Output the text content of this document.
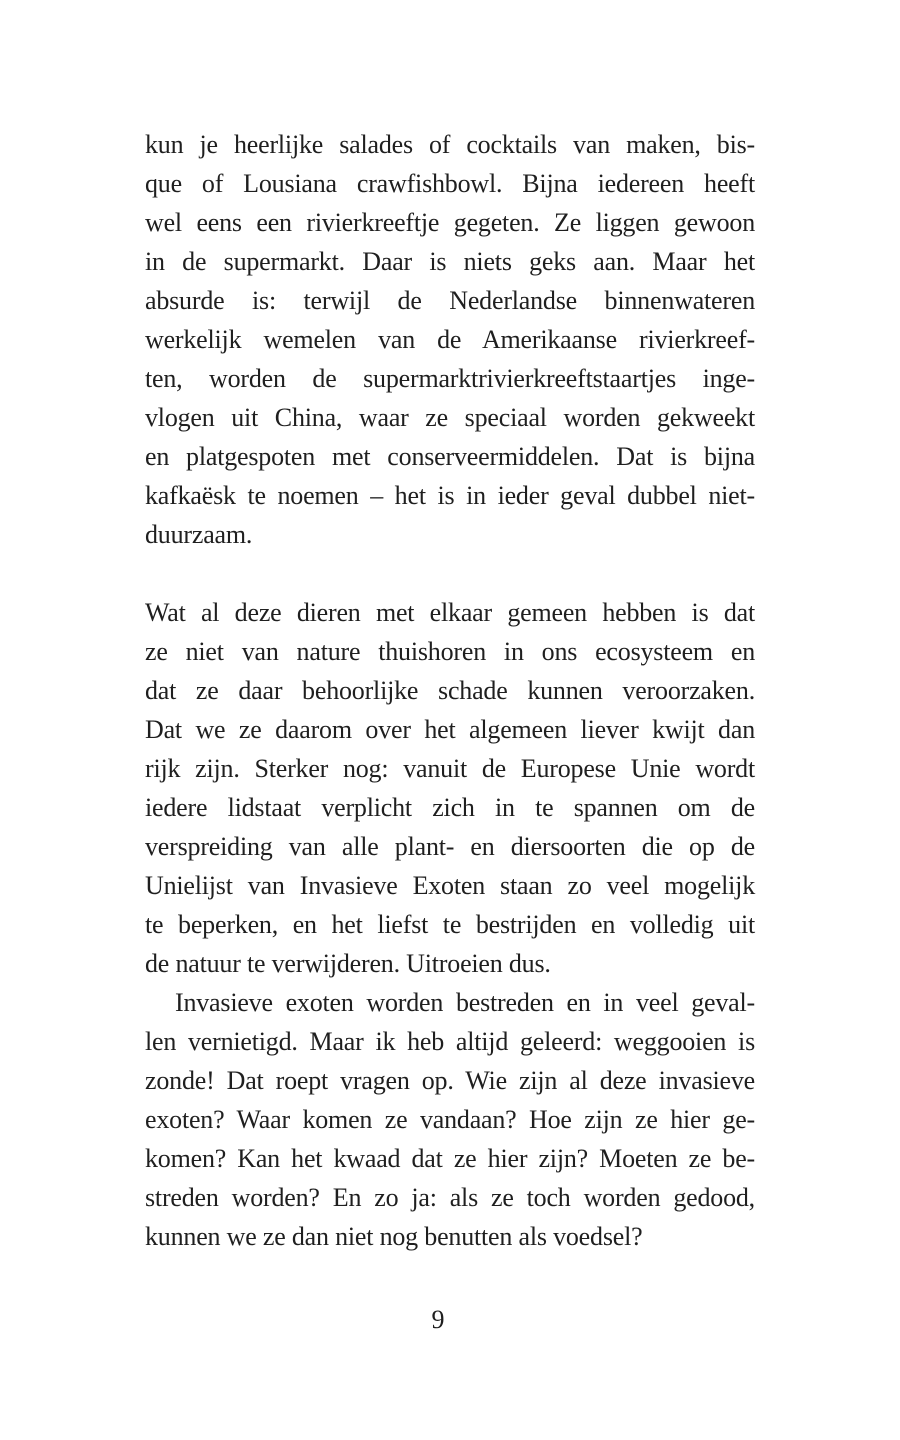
kun je heerlijke salades of cocktails van maken, bis-
que of Lousiana crawfishbowl. Bijna iedereen heeft
wel eens een rivierkreeftje gegeten. Ze liggen gewoon
in de supermarkt. Daar is niets geks aan. Maar het
absurde is: terwijl de Nederlandse binnenwateren
werkelijk wemelen van de Amerikaanse rivierkreef-
ten, worden de supermarktrivierkreeftstaartjes inge-
vlogen uit China, waar ze speciaal worden gekweekt
en platgespoten met conserveermiddelen. Dat is bijna
kafkaësk te noemen – het is in ieder geval dubbel niet-
duurzaam.
Wat al deze dieren met elkaar gemeen hebben is dat
ze niet van nature thuishoren in ons ecosysteem en
dat ze daar behoorlijke schade kunnen veroorzaken.
Dat we ze daarom over het algemeen liever kwijt dan
rijk zijn. Sterker nog: vanuit de Europese Unie wordt
iedere lidstaat verplicht zich in te spannen om de
verspreiding van alle plant- en diersoorten die op de
Unielijst van Invasieve Exoten staan zo veel mogelijk
te beperken, en het liefst te bestrijden en volledig uit
de natuur te verwijderen. Uitroeien dus.
Invasieve exoten worden bestreden en in veel geval-
len vernietigd. Maar ik heb altijd geleerd: weggooien is
zonde! Dat roept vragen op. Wie zijn al deze invasieve
exoten? Waar komen ze vandaan? Hoe zijn ze hier ge-
komen? Kan het kwaad dat ze hier zijn? Moeten ze be-
streden worden? En zo ja: als ze toch worden gedood,
kunnen we ze dan niet nog benutten als voedsel?
9
